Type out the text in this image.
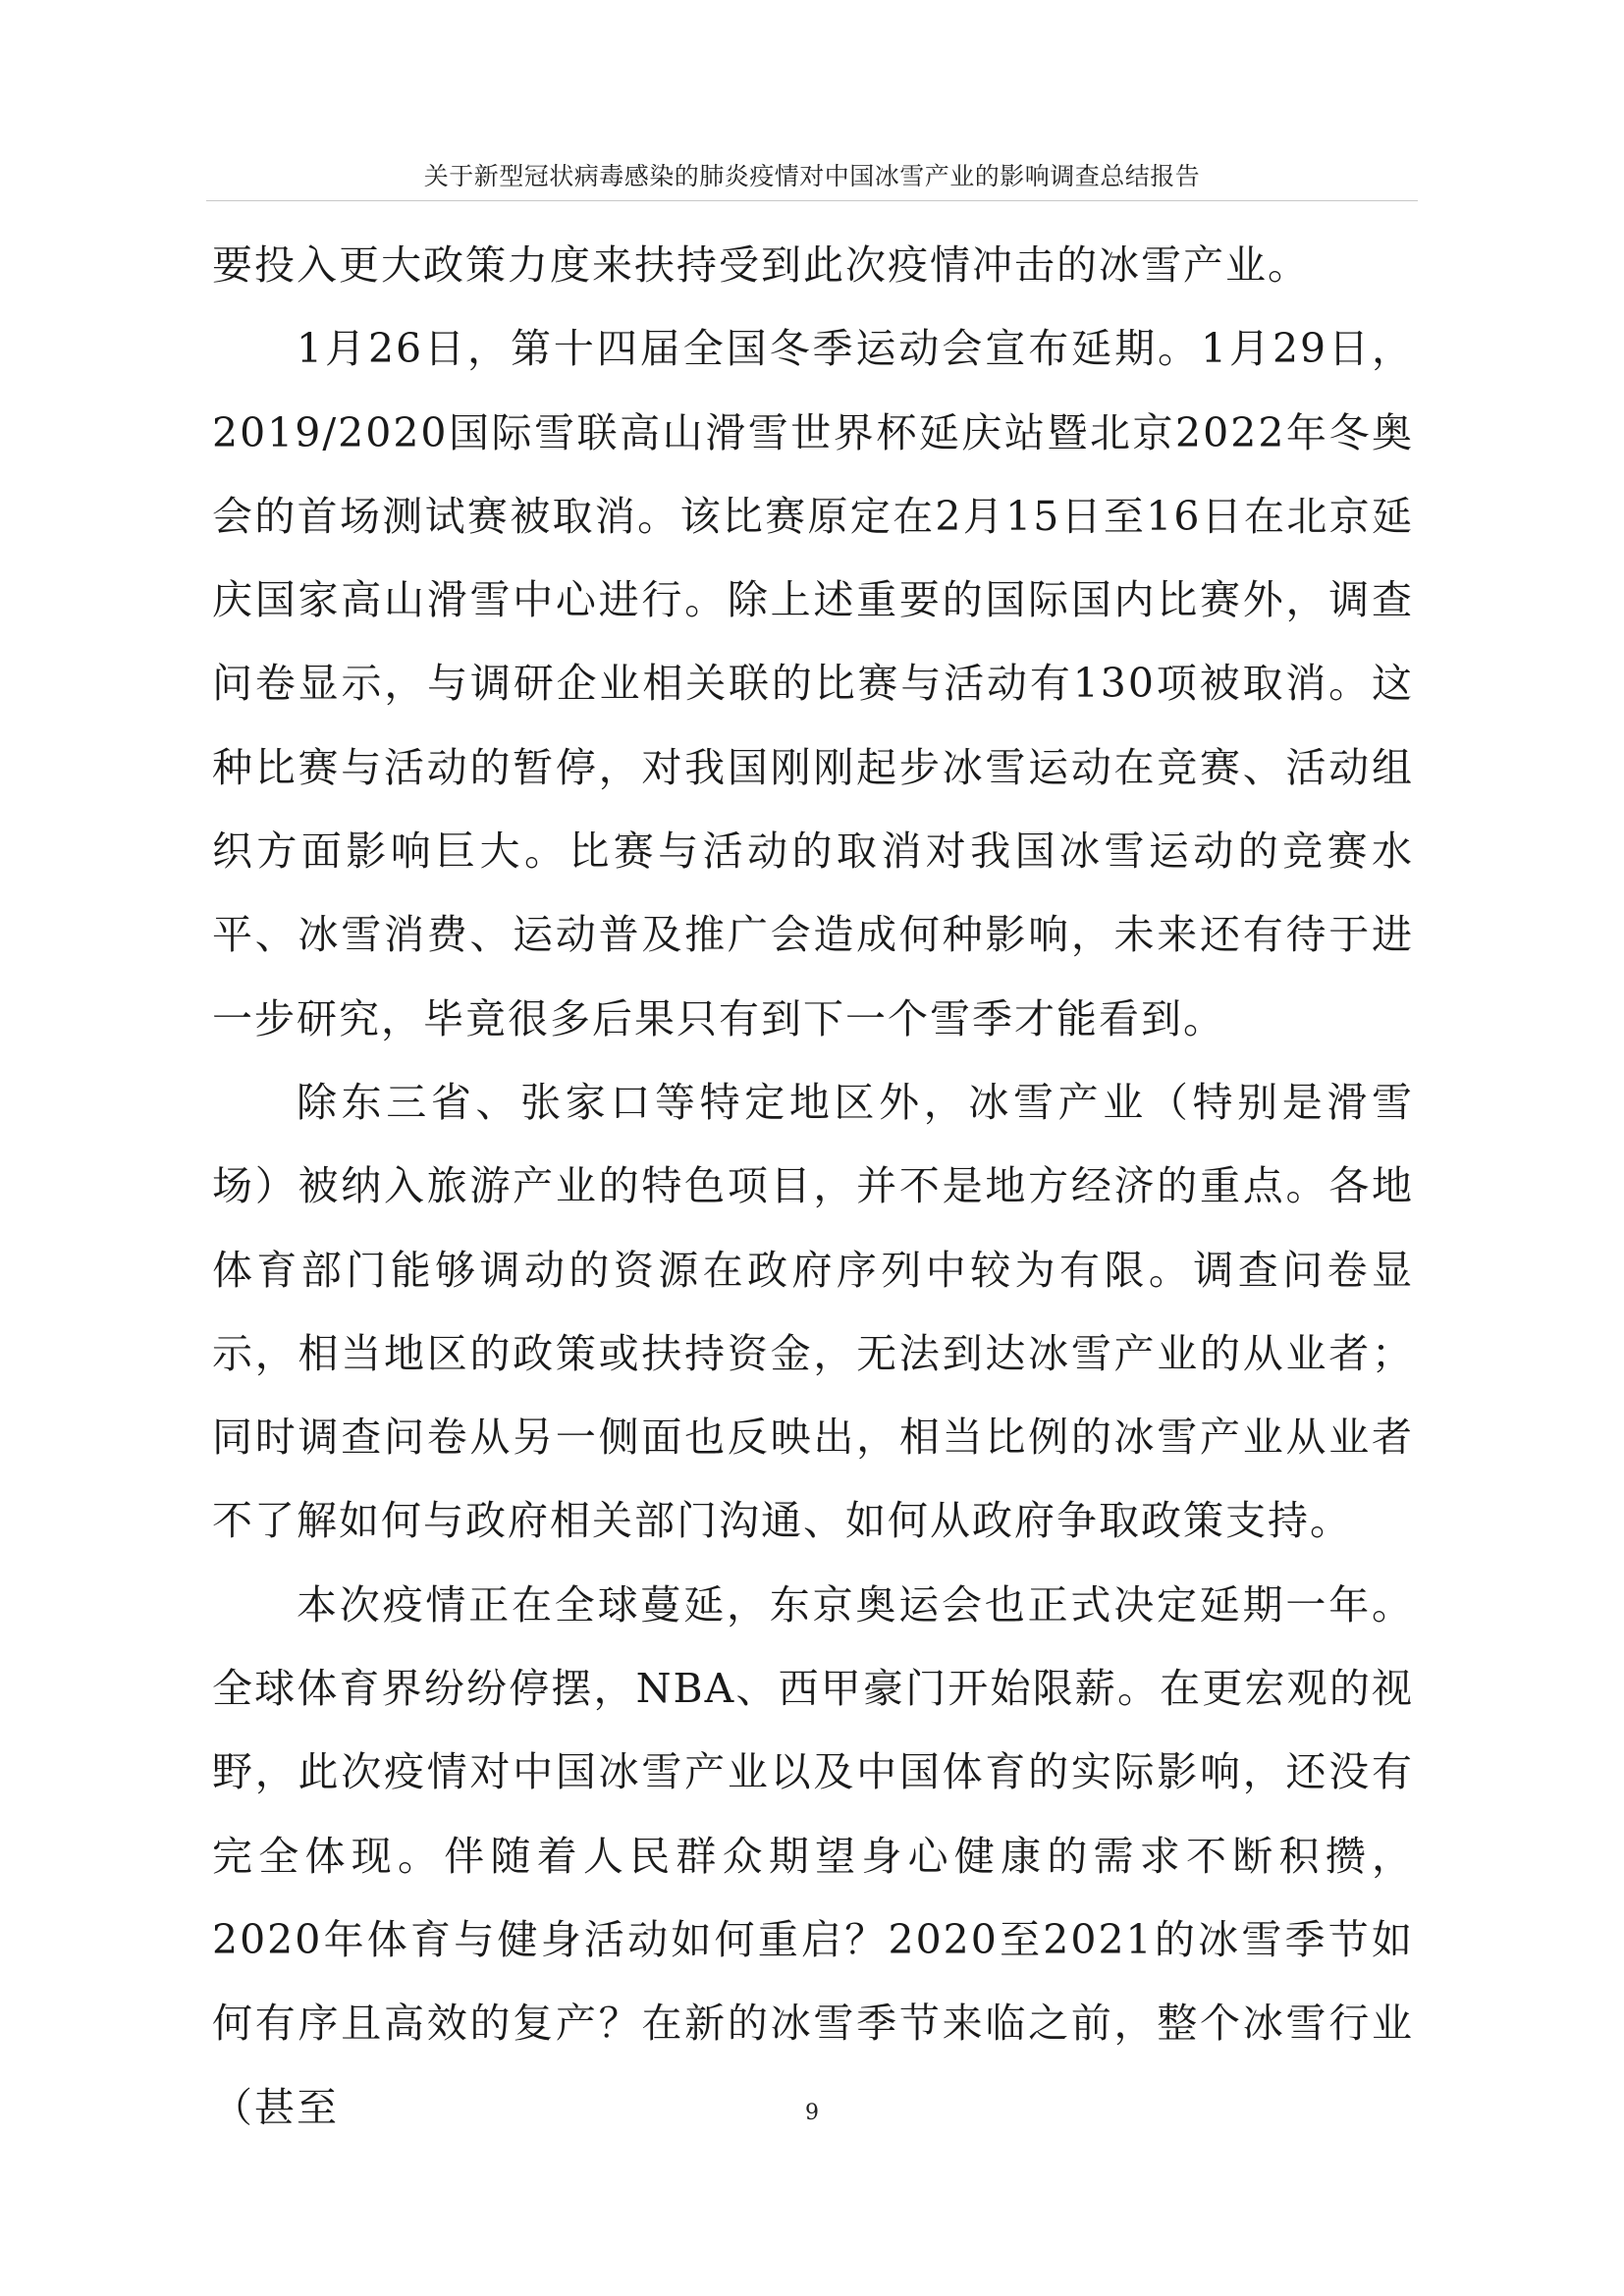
关于新型冠状病毒感染的肺炎疫情对中国冰雪产业的影响调查总结报告

要投入更大政策力度来扶持受到此次疫情冲击的冰雪产业。

1月26日，第十四届全国冬季运动会宣布延期。1月29日，2019/2020国际雪联高山滑雪世界杯延庆站暨北京2022年冬奥会的首场测试赛被取消。该比赛原定在2月15日至16日在北京延庆国家高山滑雪中心进行。除上述重要的国际国内比赛外，调查问卷显示，与调研企业相关联的比赛与活动有130项被取消。这种比赛与活动的暂停，对我国刚刚起步冰雪运动在竞赛、活动组织方面影响巨大。比赛与活动的取消对我国冰雪运动的竞赛水平、冰雪消费、运动普及推广会造成何种影响，未来还有待于进一步研究，毕竟很多后果只有到下一个雪季才能看到。

除东三省、张家口等特定地区外，冰雪产业（特别是滑雪场）被纳入旅游产业的特色项目，并不是地方经济的重点。各地体育部门能够调动的资源在政府序列中较为有限。调查问卷显示，相当地区的政策或扶持资金，无法到达冰雪产业的从业者；同时调查问卷从另一侧面也反映出，相当比例的冰雪产业从业者不了解如何与政府相关部门沟通、如何从政府争取政策支持。

本次疫情正在全球蔓延，东京奥运会也正式决定延期一年。全球体育界纷纷停摆，NBA、西甲豪门开始限薪。在更宏观的视野，此次疫情对中国冰雪产业以及中国体育的实际影响，还没有完全体现。伴随着人民群众期望身心健康的需求不断积攒，2020年体育与健身活动如何重启？2020至2021的冰雪季节如何有序且高效的复产？在新的冰雪季节来临之前，整个冰雪行业（甚至	9
